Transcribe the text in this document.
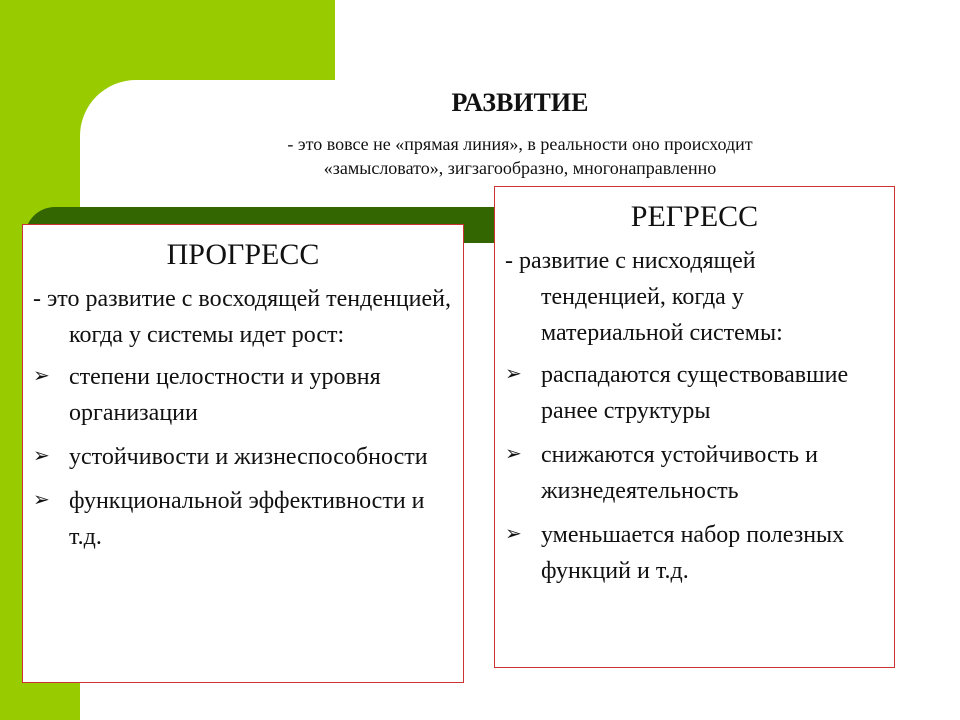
РАЗВИТИЕ
- это вовсе не «прямая линия», в реальности оно происходит
«замысловато», зигзагообразно, многонаправленно
ПРОГРЕСС
- это развитие с восходящей тенденцией, когда у системы идет рост:
➢ степени целостности и уровня организации
➢ устойчивости и жизнеспособности
➢ функциональной эффективности и т.д.
РЕГРЕСС
- развитие с нисходящей тенденцией, когда у материальной системы:
➢ распадаются существовавшие ранее структуры
➢ снижаются устойчивость и жизнедеятельность
➢ уменьшается набор полезных функций и т.д.
